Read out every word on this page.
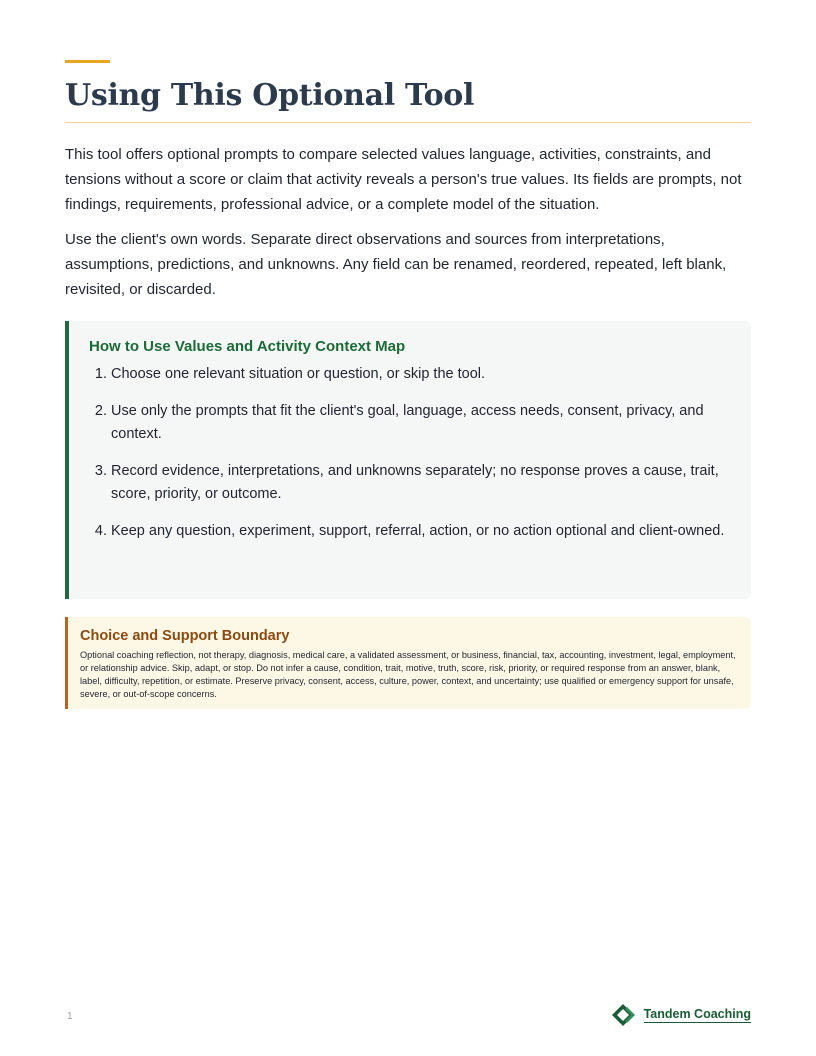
Using This Optional Tool

This tool offers optional prompts to compare selected values language, activities, constraints, and tensions without a score or claim that activity reveals a person's true values. Its fields are prompts, not findings, requirements, professional advice, or a complete model of the situation.

Use the client's own words. Separate direct observations and sources from interpretations, assumptions, predictions, and unknowns. Any field can be renamed, reordered, repeated, left blank, revisited, or discarded.

How to Use Values and Activity Context Map
1. Choose one relevant situation or question, or skip the tool.
2. Use only the prompts that fit the client's goal, language, access needs, consent, privacy, and context.
3. Record evidence, interpretations, and unknowns separately; no response proves a cause, trait, score, priority, or outcome.
4. Keep any question, experiment, support, referral, action, or no action optional and client-owned.
Choice and Support Boundary

Optional coaching reflection, not therapy, diagnosis, medical care, a validated assessment, or business, financial, tax, accounting, investment, legal, employment, or relationship advice. Skip, adapt, or stop. Do not infer a cause, condition, trait, motive, truth, score, risk, priority, or required response from an answer, blank, label, difficulty, repetition, or estimate. Preserve privacy, consent, access, culture, power, context, and uncertainty; use qualified or emergency support for unsafe, severe, or out-of-scope concerns.

1	Tandem Coaching
